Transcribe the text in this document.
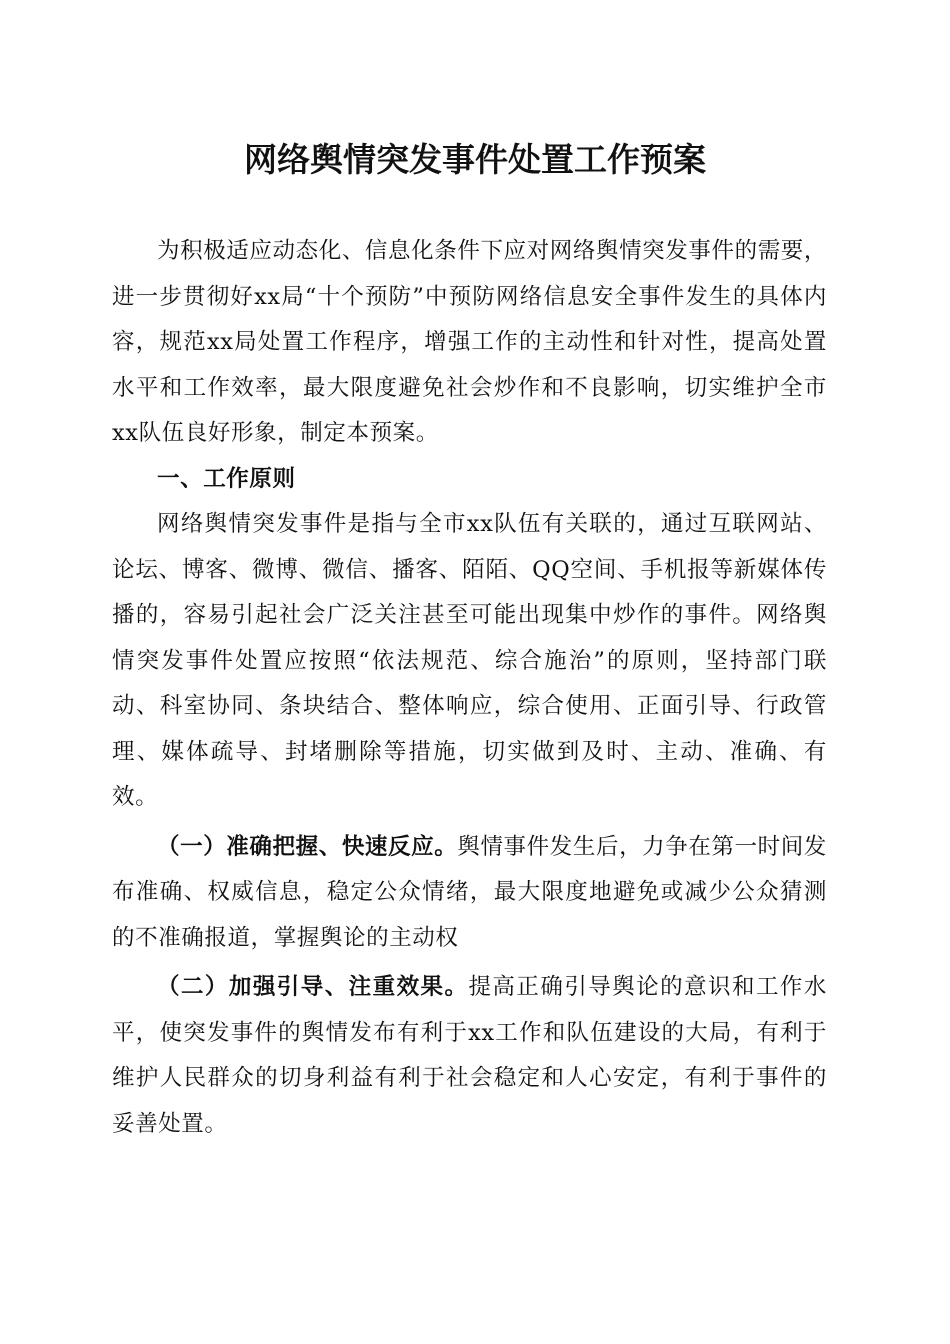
网络舆情突发事件处置工作预案

为积极适应动态化、信息化条件下应对网络舆情突发事件的需要，进一步贯彻好xx局“十个预防”中预防网络信息安全事件发生的具体内容，规范xx局处置工作程序，增强工作的主动性和针对性，提高处置水平和工作效率，最大限度避免社会炒作和不良影响，切实维护全市xx队伍良好形象，制定本预案。

一、工作原则

网络舆情突发事件是指与全市xx队伍有关联的，通过互联网站、论坛、博客、微博、微信、播客、陌陌、QQ空间、手机报等新媒体传播的，容易引起社会广泛关注甚至可能出现集中炒作的事件。网络舆情突发事件处置应按照“依法规范、综合施治”的原则，坚持部门联动、科室协同、条块结合、整体响应，综合使用、正面引导、行政管理、媒体疏导、封堵删除等措施，切实做到及时、主动、准确、有效。

（一）准确把握、快速反应。舆情事件发生后，力争在第一时间发布准确、权威信息，稳定公众情绪，最大限度地避免或减少公众猜测的不准确报道，掌握舆论的主动权

（二）加强引导、注重效果。提高正确引导舆论的意识和工作水平，使突发事件的舆情发布有利于xx工作和队伍建设的大局，有利于维护人民群众的切身利益有利于社会稳定和人心安定，有利于事件的妥善处置。
